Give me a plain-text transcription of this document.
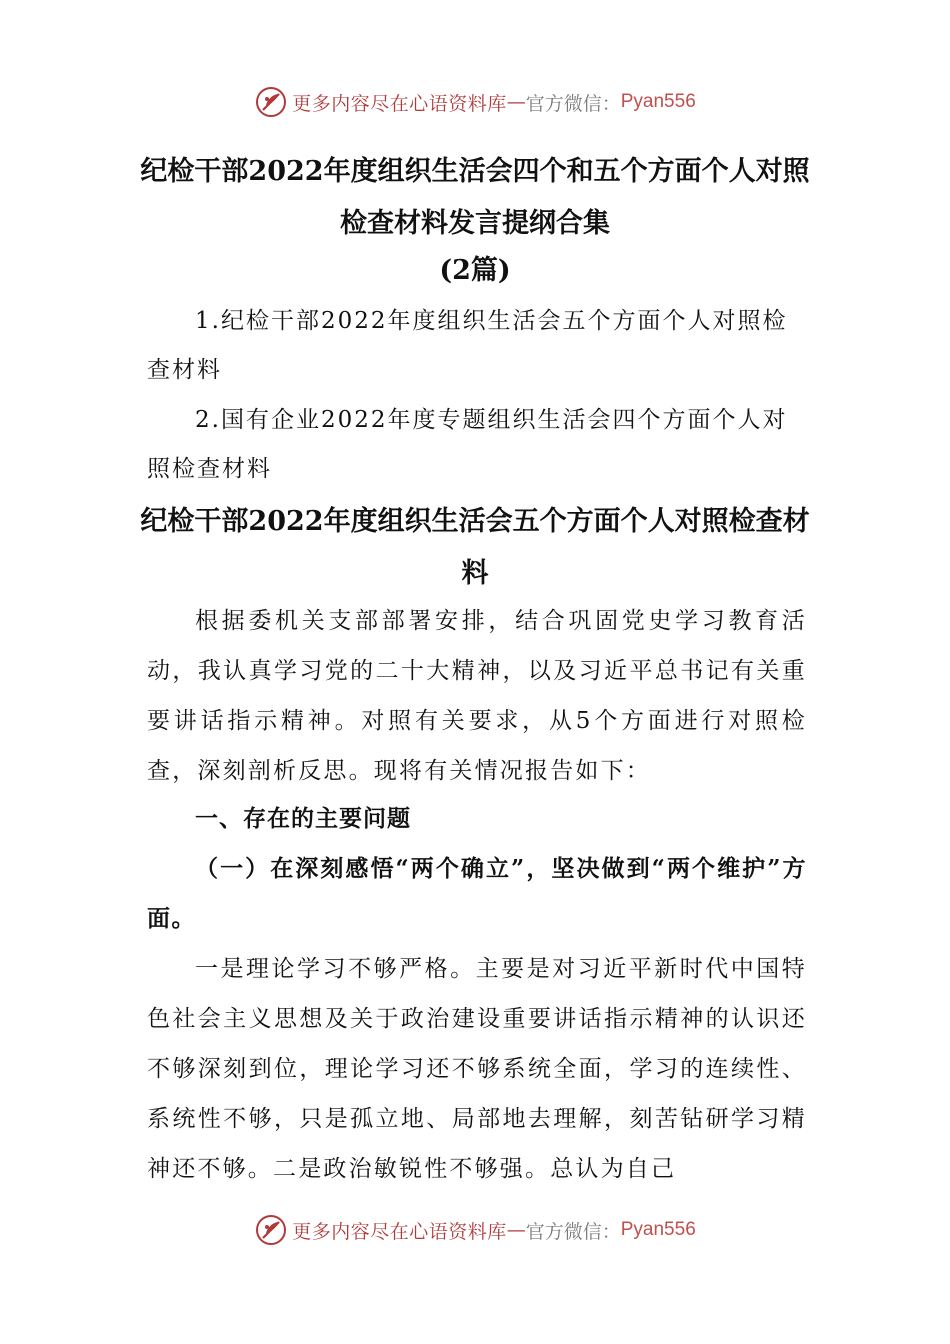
更多内容尽在心语资料库 — 官方微信： Pyan556
纪检干部2022年度组织生活会四个和五个方面个人对照检查材料发言提纲合集

(2篇)

1.纪检干部2022年度组织生活会五个方面个人对照检查材料

2.国有企业2022年度专题组织生活会四个方面个人对照检查材料

纪检干部2022年度组织生活会五个方面个人对照检查材料

根据委机关支部部署安排，结合巩固党史学习教育活动，我认真学习党的二十大精神，以及习近平总书记有关重要讲话指示精神。对照有关要求，从5个方面进行对照检查，深刻剖析反思。现将有关情况报告如下：

一、存在的主要问题
（一）在深刻感悟“两个确立”，坚决做到“两个维护”方面。

一是理论学习不够严格。主要是对习近平新时代中国特色社会主义思想及关于政治建设重要讲话指示精神的认识还不够深刻到位，理论学习还不够系统全面，学习的连续性、系统性不够，只是孤立地、局部地去理解，刻苦钻研学习精神还不够。二是政治敏锐性不够强。总认为自己

更多内容尽在心语资料库 — 官方微信： Pyan556
